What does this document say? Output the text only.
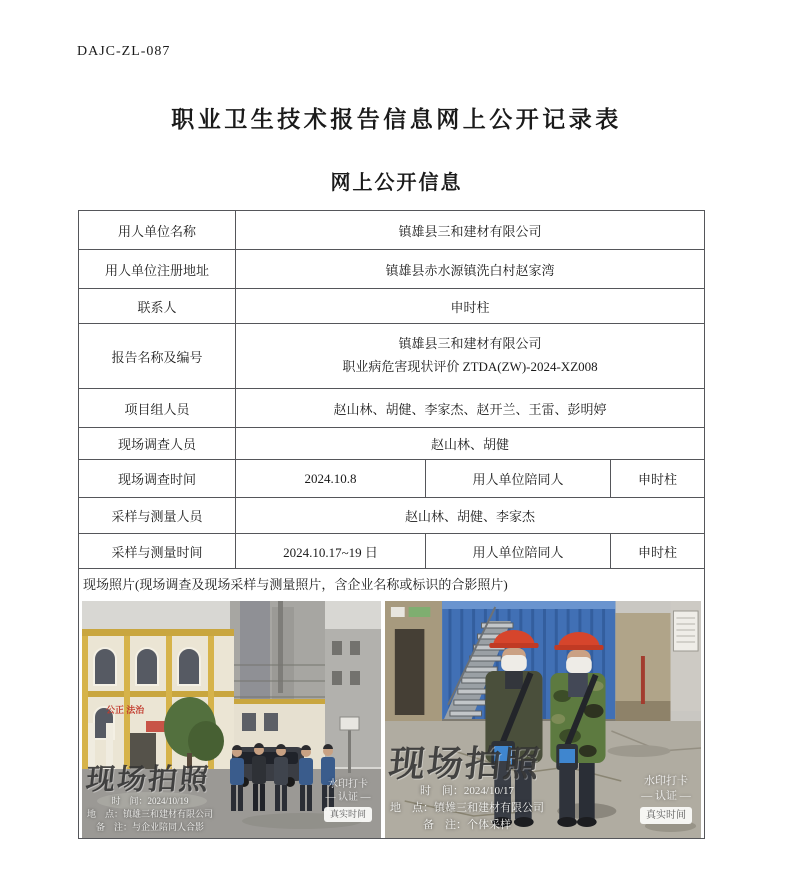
DAJC-ZL-087
职业卫生技术报告信息网上公开记录表
网上公开信息
用人单位名称	镇雄县三和建材有限公司		
用人单位注册地址	镇雄县赤水源镇洗白村赵家湾		
联系人	申时柱		
报告名称及编号	镇雄县三和建材有限公司
职业病危害现状评价 ZTDA(ZW)-2024-XZ008		

项目组人员	赵山林、胡健、李家杰、赵开兰、王雷、彭明婷		
现场调查人员	赵山林、胡健		
现场调查时间	2024.10.8	用人单位陪同人	申时柱
采样与测量人员	赵山林、胡健、李家杰		
采样与测量时间	2024.10.17~19 日	用人单位陪同人	申时柱

现场照片(现场调查及现场采样与测量照片，含企业名称或标识的合影照片)
公正 法治
现场拍照
时　间：2024/10/19
地　点：镇雄三和建材有限公司
备　注：与企业陪同人合影
水印打卡
— 认证 —
真实时间
现场拍照
时　间：2024/10/17
地　点：镇雄三和建材有限公司
备　注：个体采样
水印打卡
— 认证 —
真实时间
